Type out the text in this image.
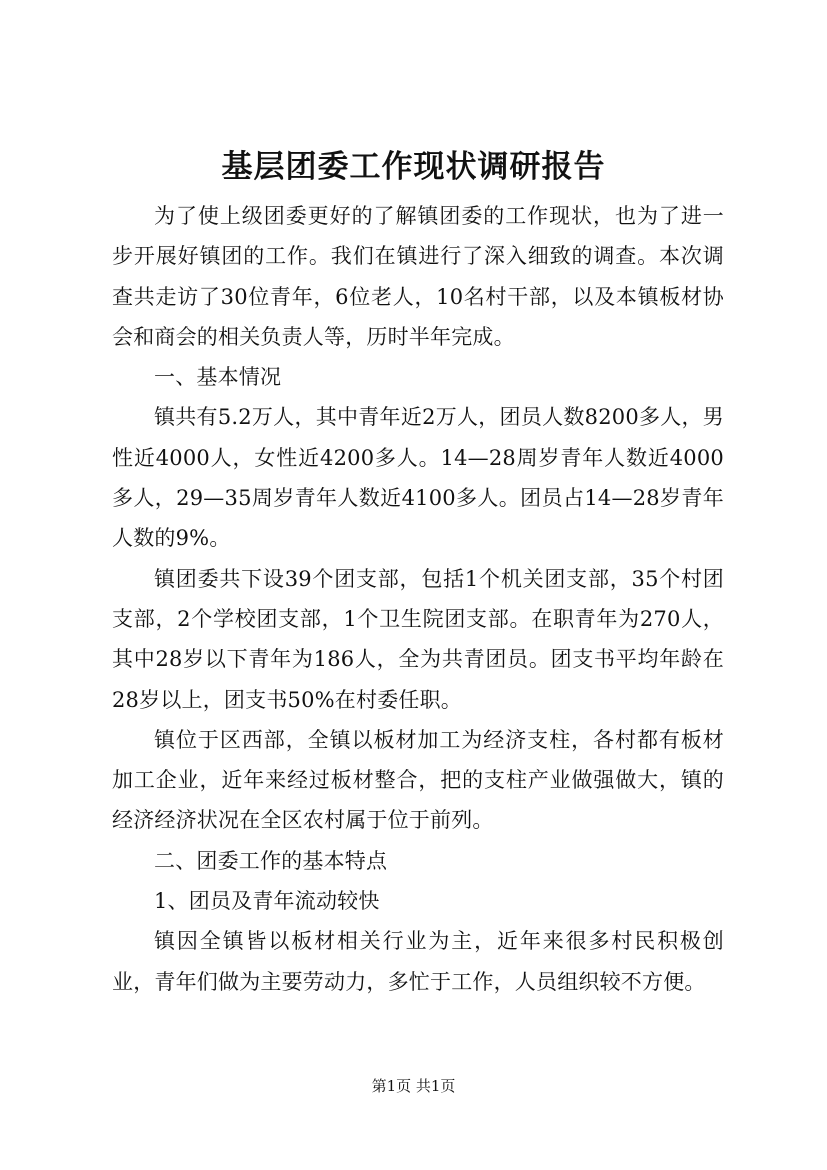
基层团委工作现状调研报告

为了使上级团委更好的了解镇团委的工作现状，也为了进一步开展好镇团的工作。我们在镇进行了深入细致的调查。本次调查共走访了30位青年，6位老人，10名村干部，以及本镇板材协会和商会的相关负责人等，历时半年完成。

一、基本情况

镇共有5.2万人，其中青年近2万人，团员人数8200多人，男性近4000人，女性近4200多人。14—28周岁青年人数近4000多人，29—35周岁青年人数近4100多人。团员占14—28岁青年人数的9%。

镇团委共下设39个团支部，包括1个机关团支部，35个村团支部，2个学校团支部，1个卫生院团支部。在职青年为270人，其中28岁以下青年为186人，全为共青团员。团支书平均年龄在28岁以上，团支书50%在村委任职。

镇位于区西部，全镇以板材加工为经济支柱，各村都有板材加工企业，近年来经过板材整合，把的支柱产业做强做大，镇的经济经济状况在全区农村属于位于前列。

二、团委工作的基本特点

1、团员及青年流动较快

镇因全镇皆以板材相关行业为主，近年来很多村民积极创业，青年们做为主要劳动力，多忙于工作，人员组织较不方便。

第1页 共1页
